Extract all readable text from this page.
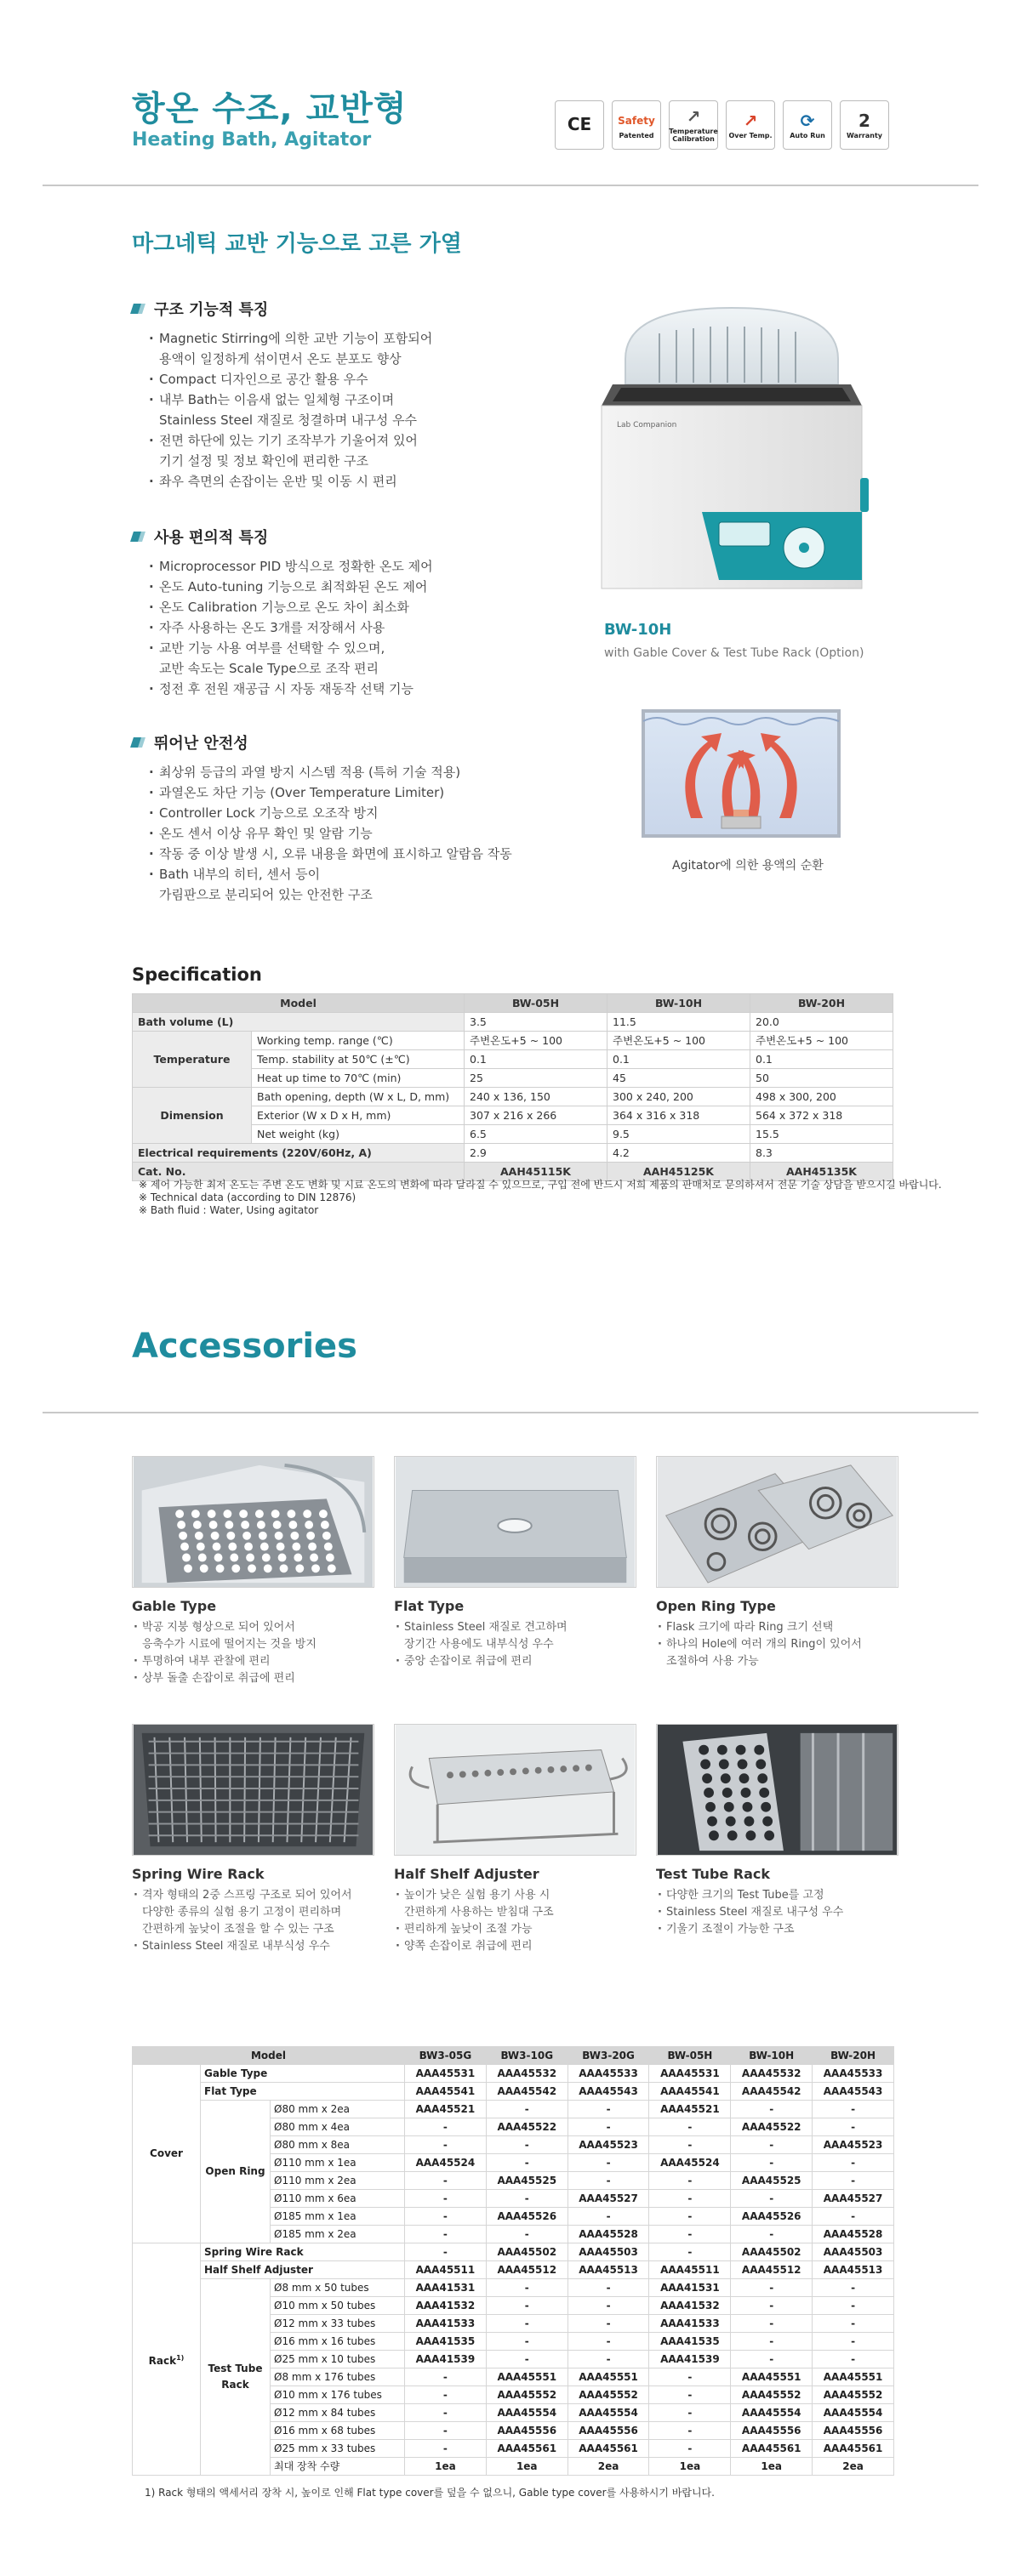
항온 수조, 교반형
Heating Bath, Agitator
CE	Safety
Patented
↗
Temperature Calibration
↗
Over Temp.
⟳
Auto Run
2
Warranty
마그네틱 교반 기능으로 고른 가열
구조 기능적 특징
· Magnetic Stirring에 의한 교반 기능이 포함되어
용액이 일정하게 섞이면서 온도 분포도 향상
· Compact 디자인으로 공간 활용 우수
· 내부 Bath는 이음새 없는 일체형 구조이며
Stainless Steel 재질로 청결하며 내구성 우수
· 전면 하단에 있는 기기 조작부가 기울어져 있어
기기 설정 및 정보 확인에 편리한 구조
· 좌우 측면의 손잡이는 운반 및 이동 시 편리
사용 편의적 특징
· Microprocessor PID 방식으로 정확한 온도 제어
· 온도 Auto-tuning 기능으로 최적화된 온도 제어
· 온도 Calibration 기능으로 온도 차이 최소화
· 자주 사용하는 온도 3개를 저장해서 사용
· 교반 기능 사용 여부를 선택할 수 있으며,
교반 속도는 Scale Type으로 조작 편리
· 정전 후 전원 재공급 시 자동 재동작 선택 기능
뛰어난 안전성
· 최상위 등급의 과열 방지 시스템 적용 (특허 기술 적용)
· 과열온도 차단 기능 (Over Temperature Limiter)
· Controller Lock 기능으로 오조작 방지
· 온도 센서 이상 유무 확인 및 알람 기능
· 작동 중 이상 발생 시, 오류 내용을 화면에 표시하고 알람음 작동
· Bath 내부의 히터, 센서 등이
가림판으로 분리되어 있는 안전한 구조
Lab Companion
BW-10H
with Gable Cover & Test Tube Rack (Option)
Agitator에 의한 용액의 순환
Specification
Model		BW-05H	BW-10H	BW-20H
Bath volume (L)		3.5	11.5	20.0
Temperature	Working temp. range (℃)	주변온도+5 ~ 100	주변온도+5 ~ 100	주변온도+5 ~ 100
	Temp. stability at 50℃ (±℃)	0.1	0.1	0.1
	Heat up time to 70℃ (min)	25	45	50
Dimension	Bath opening, depth (W x L, D, mm)	240 x 136, 150	300 x 240, 200	498 x 300, 200
	Exterior (W x D x H, mm)	307 x 216 x 266	364 x 316 x 318	564 x 372 x 318
	Net weight (kg)	6.5	9.5	15.5
Electrical requirements (220V/60Hz, A)		2.9	4.2	8.3
Cat. No.		AAH45115K	AAH45125K	AAH45135K
※ 제어 가능한 최저 온도는 주변 온도 변화 및 시료 온도의 변화에 따라 달라질 수 있으므로, 구입 전에 반드시 저희 제품의 판매처로 문의하셔서 전문 기술 상담을 받으시길 바랍니다.
※ Technical data (according to DIN 12876)
※ Bath fluid : Water, Using agitator
Accessories
Gable Type
· 박공 지붕 형상으로 되어 있어서
응축수가 시료에 떨어지는 것을 방지
· 투명하여 내부 관찰에 편리
· 상부 돌출 손잡이로 취급에 편리
Flat Type
· Stainless Steel 재질로 견고하며
장기간 사용에도 내부식성 우수
· 중앙 손잡이로 취급에 편리
Open Ring Type
· Flask 크기에 따라 Ring 크기 선택
· 하나의 Hole에 여러 개의 Ring이 있어서
조절하여 사용 가능
Spring Wire Rack
· 격자 형태의 2중 스프링 구조로 되어 있어서
다양한 종류의 실험 용기 고정이 편리하며
간편하게 높낮이 조절을 할 수 있는 구조
· Stainless Steel 재질로 내부식성 우수
Half Shelf Adjuster
· 높이가 낮은 실험 용기 사용 시
간편하게 사용하는 받침대 구조
· 편리하게 높낮이 조절 가능
· 양쪽 손잡이로 취급에 편리
Test Tube Rack
· 다양한 크기의 Test Tube를 고정
· Stainless Steel 재질로 내구성 우수
· 기울기 조절이 가능한 구조
Model			BW3-05G	BW3-10G	BW3-20G	BW-05H	BW-10H	BW-20H
Cover	Gable Type		AAA45531	AAA45532	AAA45533	AAA45531	AAA45532	AAA45533
	Flat Type		AAA45541	AAA45542	AAA45543	AAA45541	AAA45542	AAA45543
	Open Ring	Ø80 mm x 2ea	AAA45521	-	-	AAA45521	-	-
		Ø80 mm x 4ea	-	AAA45522	-	-	AAA45522	-
		Ø80 mm x 8ea	-	-	AAA45523	-	-	AAA45523
		Ø110 mm x 1ea	AAA45524	-	-	AAA45524	-	-
		Ø110 mm x 2ea	-	AAA45525	-	-	AAA45525	-
		Ø110 mm x 6ea	-	-	AAA45527	-	-	AAA45527
		Ø185 mm x 1ea	-	AAA45526	-	-	AAA45526	-
		Ø185 mm x 2ea	-	-	AAA45528	-	-	AAA45528
Rack$^{1)}$	Spring Wire Rack		-	AAA45502	AAA45503	-	AAA45502	AAA45503
	Half Shelf Adjuster		AAA45511	AAA45512	AAA45513	AAA45511	AAA45512	AAA45513
	Test Tube Rack	Ø8 mm x 50 tubes	AAA41531	-	-	AAA41531	-	-
		Ø10 mm x 50 tubes	AAA41532	-	-	AAA41532	-	-
		Ø12 mm x 33 tubes	AAA41533	-	-	AAA41533	-	-
		Ø16 mm x 16 tubes	AAA41535	-	-	AAA41535	-	-
		Ø25 mm x 10 tubes	AAA41539	-	-	AAA41539	-	-
		Ø8 mm x 176 tubes	-	AAA45551	AAA45551	-	AAA45551	AAA45551
		Ø10 mm x 176 tubes	-	AAA45552	AAA45552	-	AAA45552	AAA45552
		Ø12 mm x 84 tubes	-	AAA45554	AAA45554	-	AAA45554	AAA45554
		Ø16 mm x 68 tubes	-	AAA45556	AAA45556	-	AAA45556	AAA45556
		Ø25 mm x 33 tubes	-	AAA45561	AAA45561	-	AAA45561	AAA45561
		최대 장착 수량	1ea	1ea	2ea	1ea	1ea	2ea
1) Rack 형태의 액세서리 장착 시, 높이로 인해 Flat type cover를 덮을 수 없으니, Gable type cover를 사용하시기 바랍니다.
